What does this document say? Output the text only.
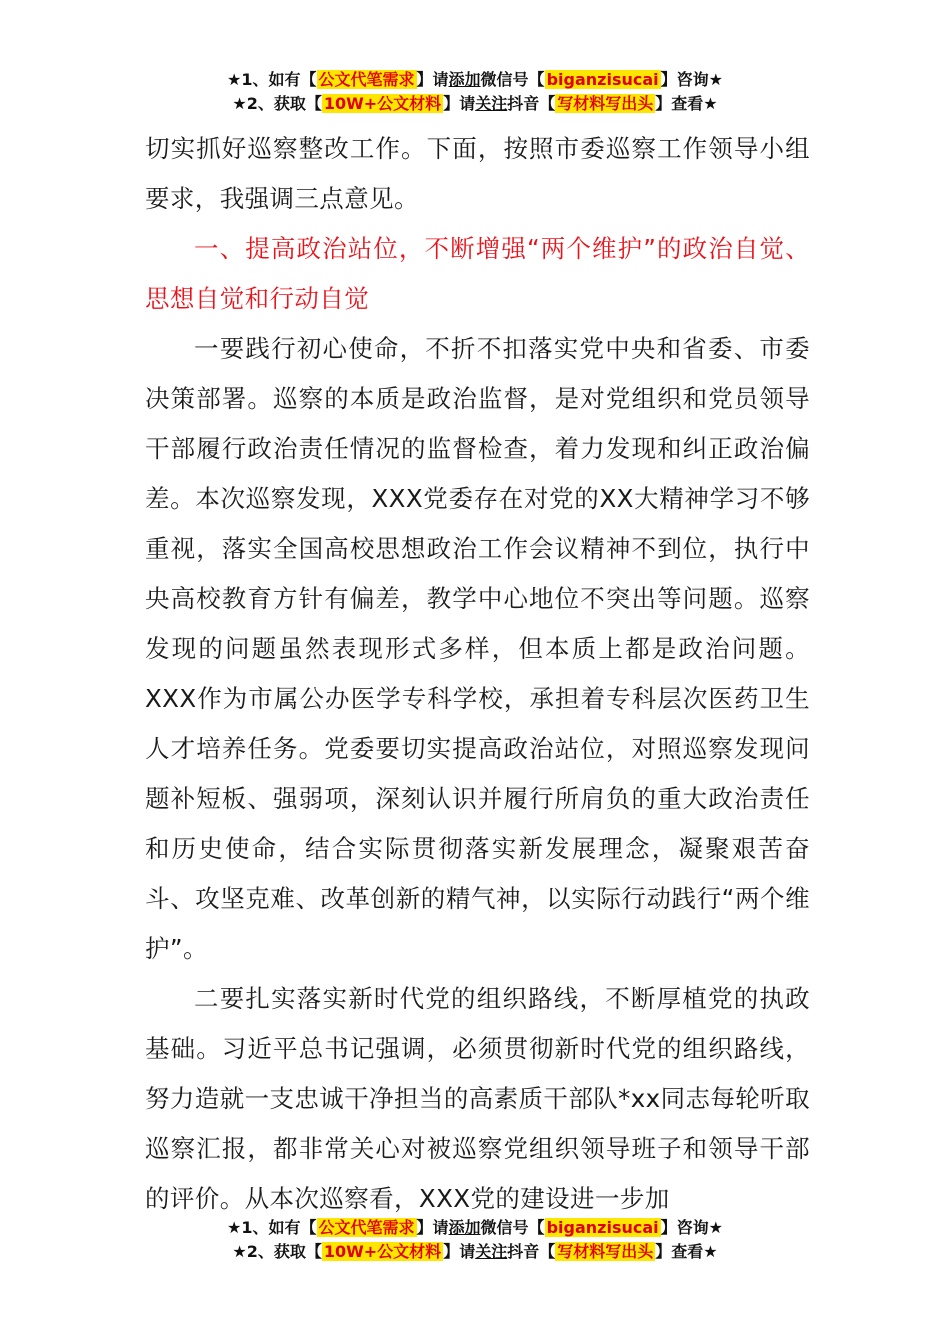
★1、如有【 公文代笔需求 】请添加微信号【 biganzisucai 】咨询★
★2、获取【 10W+公文材料 】请关注抖音【 写材料写出头 】查看★

切实抓好巡察整改工作。下面，按照市委巡察工作领导小组要求，我强调三点意见。

一、提高政治站位，不断增强“两个维护”的政治自觉、思想自觉和行动自觉

一要践行初心使命，不折不扣落实党中央和省委、市委决策部署。巡察的本质是政治监督，是对党组织和党员领导干部履行政治责任情况的监督检查，着力发现和纠正政治偏差。本次巡察发现，XXX党委存在对党的XX大精神学习不够重视，落实全国高校思想政治工作会议精神不到位，执行中央高校教育方针有偏差，教学中心地位不突出等问题。巡察发现的问题虽然表现形式多样，但本质上都是政治问题。XXX作为市属公办医学专科学校，承担着专科层次医药卫生人才培养任务。党委要切实提高政治站位，对照巡察发现问题补短板、强弱项，深刻认识并履行所肩负的重大政治责任和历史使命，结合实际贯彻落实新发展理念，凝聚艰苦奋斗、攻坚克难、改革创新的精气神，以实际行动践行“两个维护”。

二要扎实落实新时代党的组织路线，不断厚植党的执政基础。习近平总书记强调，必须贯彻新时代党的组织路线，努力造就一支忠诚干净担当的高素质干部队*xx同志每轮听取巡察汇报，都非常关心对被巡察党组织领导班子和领导干部的评价。从本次巡察看，XXX党的建设进一步加

★1、如有【 公文代笔需求 】请添加微信号【 biganzisucai 】咨询★
★2、获取【 10W+公文材料 】请关注抖音【 写材料写出头 】查看★
